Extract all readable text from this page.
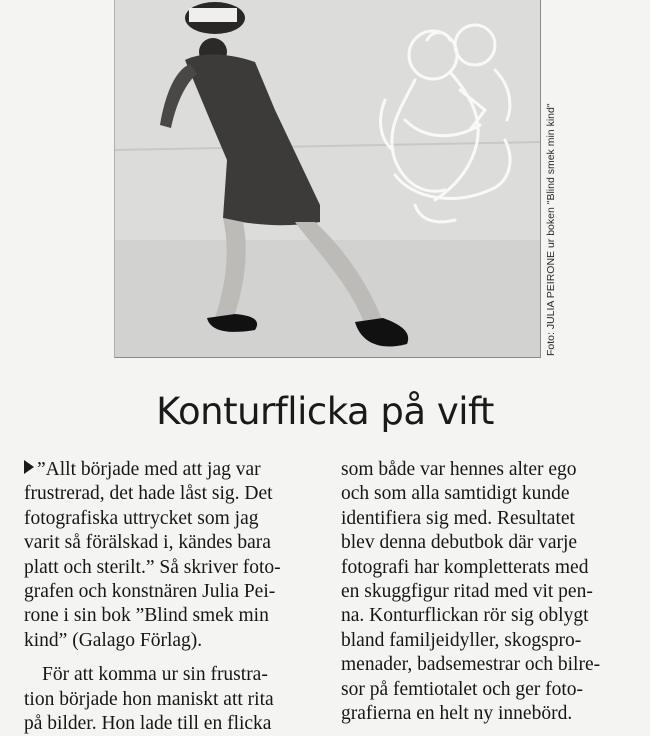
Foto: JULIA PEIRONE ur boken "Blind smek min kind"
Konturflicka på vift
”Allt började med att jag var
frustrerad, det hade låst sig. Det
fotografiska uttrycket som jag
varit så förälskad i, kändes bara
platt och sterilt.” Så skriver foto-
grafen och konstnären Julia Pei-
rone i sin bok ”Blind smek min
kind” (Galago Förlag).
För att komma ur sin frustra-
tion började hon maniskt att rita
på bilder. Hon lade till en flicka
som både var hennes alter ego
och som alla samtidigt kunde
identifiera sig med. Resultatet
blev denna debutbok där varje
fotografi har kompletterats med
en skuggfigur ritad med vit pen-
na. Konturflickan rör sig oblygt
bland familjeidyller, skogspro-
menader, badsemestrar och bilre-
sor på femtiotalet och ger foto-
grafierna en helt ny innebörd.
